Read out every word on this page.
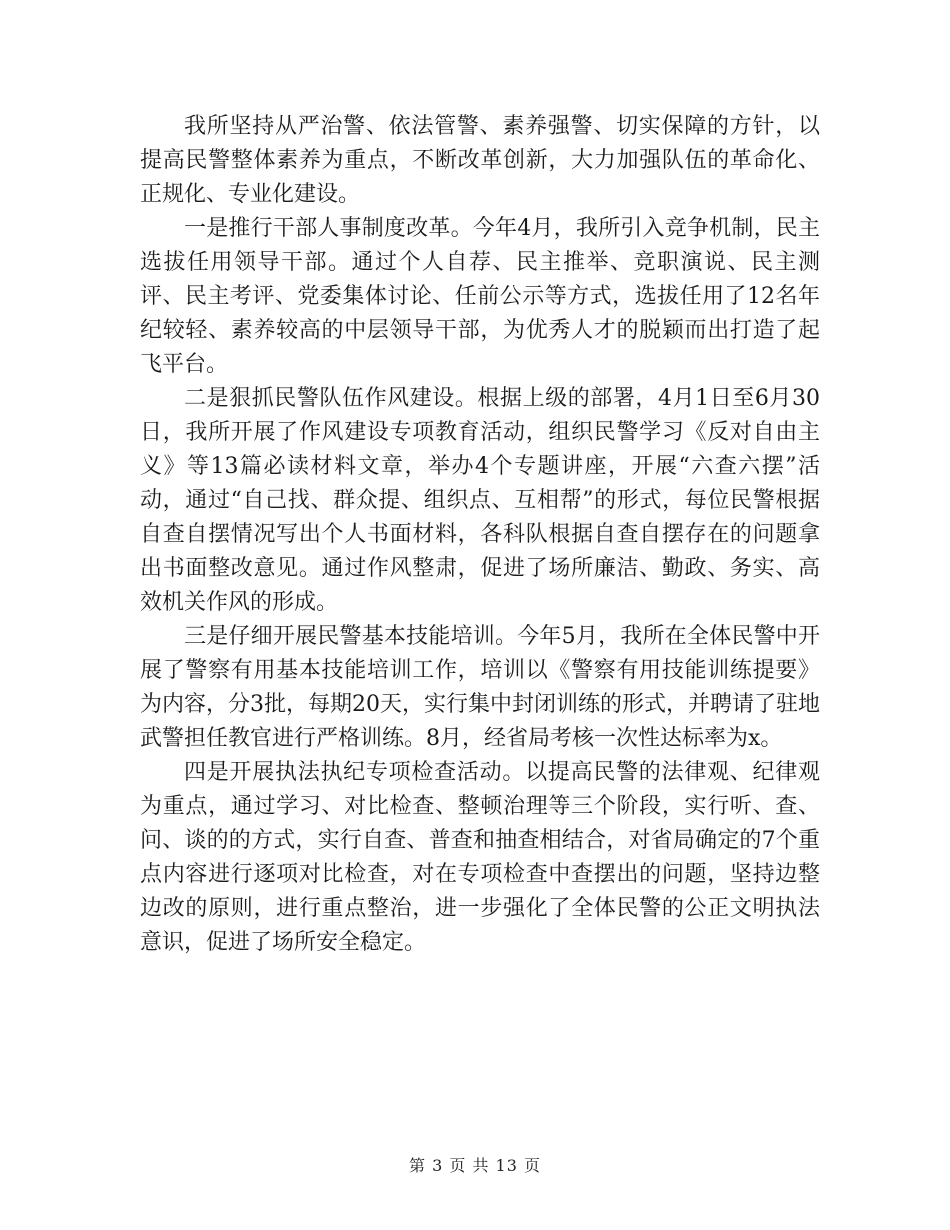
我所坚持从严治警、依法管警、素养强警、切实保障的方针，以提高民警整体素养为重点，不断改革创新，大力加强队伍的革命化、正规化、专业化建设。

一是推行干部人事制度改革。今年4月，我所引入竞争机制，民主选拔任用领导干部。通过个人自荐、民主推举、竞职演说、民主测评、民主考评、党委集体讨论、任前公示等方式，选拔任用了12名年纪较轻、素养较高的中层领导干部，为优秀人才的脱颖而出打造了起飞平台。

二是狠抓民警队伍作风建设。根据上级的部署，4月1日至6月30日，我所开展了作风建设专项教育活动，组织民警学习《反对自由主义》等13篇必读材料文章，举办4个专题讲座，开展“六查六摆”活动，通过“自己找、群众提、组织点、互相帮”的形式，每位民警根据自查自摆情况写出个人书面材料，各科队根据自查自摆存在的问题拿出书面整改意见。通过作风整肃，促进了场所廉洁、勤政、务实、高效机关作风的形成。

三是仔细开展民警基本技能培训。今年5月，我所在全体民警中开展了警察有用基本技能培训工作，培训以《警察有用技能训练提要》为内容，分3批，每期20天，实行集中封闭训练的形式，并聘请了驻地武警担任教官进行严格训练。8月，经省局考核一次性达标率为x。

四是开展执法执纪专项检查活动。以提高民警的法律观、纪律观为重点，通过学习、对比检查、整顿治理等三个阶段，实行听、查、问、谈的的方式，实行自查、普查和抽查相结合，对省局确定的7个重点内容进行逐项对比检查，对在专项检查中查摆出的问题，坚持边整边改的原则，进行重点整治，进一步强化了全体民警的公正文明执法意识，促进了场所安全稳定。

第 3 页 共 13 页
